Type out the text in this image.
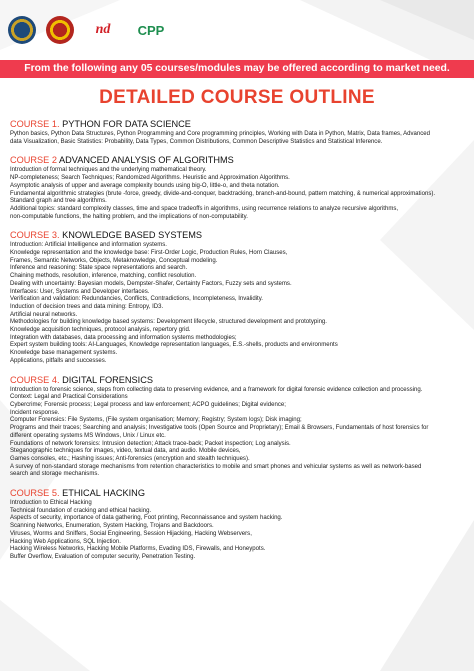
nd CPP
From the following any 05 courses/modules may be offered according to market need.
DETAILED COURSE OUTLINE
COURSE 1. PYTHON FOR DATA SCIENCE
Python basics, Python Data Structures, Python Programming and Core programming principles, Working with Data in Python, Matrix, Data frames, Advanced
data Visualization, Basic Statistics: Probability, Data Types, Common Distributions, Common Descriptive Statistics and Statistical Inference.
COURSE 2 ADVANCED ANALYSIS OF ALGORITHMS
Introduction of formal techniques and the underlying mathematical theory.
NP-completeness; Search Techniques; Randomized Algorithms. Heuristic and Approximation Algorithms.
Asymptotic analysis of upper and average complexity bounds using big-O, little-o, and theta notation.
Fundamental algorithmic strategies (brute -force, greedy, divide-and-conquer, backtracking, branch-and-bound, pattern matching, & numerical approximations).
Standard graph and tree algorithms.
Additional topics: standard complexity classes, time and space tradeoffs in algorithms, using recurrence relations to analyze recursive algorithms,
non-computable functions, the halting problem, and the implications of non-computability.
COURSE 3. KNOWLEDGE BASED SYSTEMS
Introduction: Artificial Intelligence and information systems.
Knowledge representation and the knowledge base: First-Order Logic, Production Rules, Horn Clauses,
Frames, Semantic Networks, Objects, Metaknowledge, Conceptual modeling.
Inference and reasoning: State space representations and search.
Chaining methods, resolution, inference, matching, conflict resolution.
Dealing with uncertainty: Bayesian models, Dempster-Shafer, Certainty Factors, Fuzzy sets and systems.
Interfaces: User, Systems and Developer interfaces.
Verification and validation: Redundancies, Conflicts, Contradictions, Incompleteness, Invalidity.
Induction of decision trees and data mining: Entropy, ID3.
Artificial neural networks.
Methodologies for building knowledge based systems: Development lifecycle, structured development and prototyping.
Knowledge acquisition techniques, protocol analysis, repertory grid.
Integration with databases, data processing and information systems methodologies;
Expert system building tools: AI-Languages, Knowledge representation languages, E.S.-shells, products and environments
Knowledge base management systems.
Applications, pitfalls and successes.
COURSE 4. DIGITAL FORENSICS
Introduction to forensic science, steps from collecting data to preserving evidence, and a framework for digital forensic evidence collection and processing.
Context: Legal and Practical Considerations
Cybercrime; Forensic process; Legal process and law enforcement; ACPO guidelines; Digital evidence;
Incident response.
Computer Forensics: File Systems, (File system organisation; Memory; Registry; System logs); Disk imaging;
Programs and their traces; Searching and analysis; Investigative tools (Open Source and Proprietary); Email & Browsers, Fundamentals of host forensics for
different operating systems MS Windows, Unix / Linux etc.
Foundations of network forensics: Intrusion detection; Attack trace-back; Packet inspection; Log analysis.
Steganographic techniques for images, video, textual data, and audio. Mobile devices,
Games consoles, etc.; Hashing issues; Anti-forensics (encryption and stealth techniques).
A survey of non-standard storage mechanisms from retention characteristics to mobile and smart phones and vehicular systems as well as network-based
search and storage mechanisms.
COURSE 5. ETHICAL HACKING
Introduction to Ethical Hacking
Technical foundation of cracking and ethical hacking.
Aspects of security, importance of data gathering, Foot printing, Reconnaissance and system hacking.
Scanning Networks, Enumeration, System Hacking, Trojans and Backdoors.
Viruses, Worms and Sniffers, Social Engineering, Session Hijacking, Hacking Webservers,
Hacking Web Applications, SQL Injection.
Hacking Wireless Networks, Hacking Mobile Platforms, Evading IDS, Firewalls, and Honeypots.
Buffer Overflow, Evaluation of computer security, Penetration Testing.
